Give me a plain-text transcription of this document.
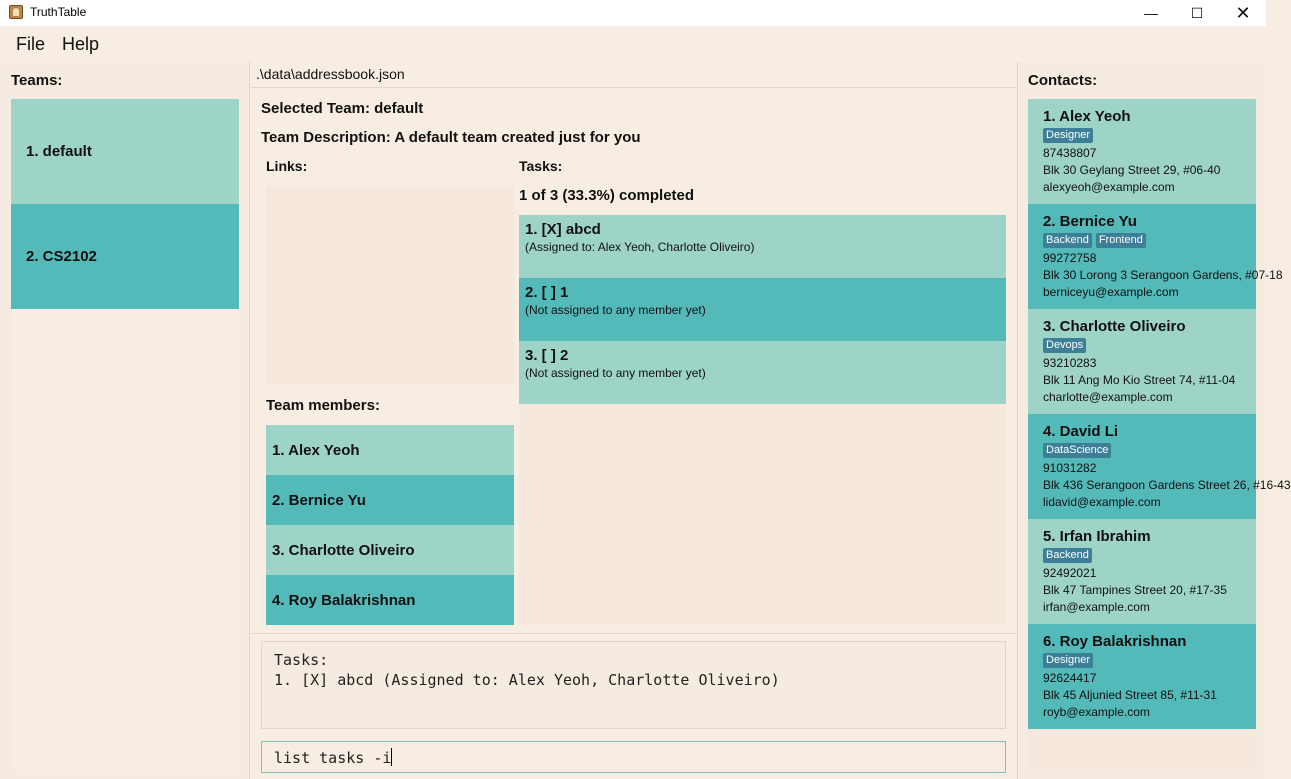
TruthTable	—	☐	✕
File Help
Teams:
1. default
2. CS2102
.\data\addressbook.json
Selected Team: default
Team Description: A default team created just for you
Links:	Tasks:
1 of 3 (33.3%) completed
Team members:
1. Alex Yeoh
2. Bernice Yu
3. Charlotte Oliveiro
4. Roy Balakrishnan
1. [X] abcd
(Assigned to: Alex Yeoh, Charlotte Oliveiro)
2. [ ] 1
(Not assigned to any member yet)
3. [ ] 2
(Not assigned to any member yet)
Tasks:
1. [X] abcd (Assigned to: Alex Yeoh, Charlotte Oliveiro)
list tasks -i
Contacts:
1. Alex Yeoh
Designer
87438807
Blk 30 Geylang Street 29, #06-40
alexyeoh@example.com
2. Bernice Yu
Backend Frontend
99272758
Blk 30 Lorong 3 Serangoon Gardens, #07-18
berniceyu@example.com
3. Charlotte Oliveiro
Devops
93210283
Blk 11 Ang Mo Kio Street 74, #11-04
charlotte@example.com
4. David Li
DataScience
91031282
Blk 436 Serangoon Gardens Street 26, #16-43
lidavid@example.com
5. Irfan Ibrahim
Backend
92492021
Blk 47 Tampines Street 20, #17-35
irfan@example.com
6. Roy Balakrishnan
Designer
92624417
Blk 45 Aljunied Street 85, #11-31
royb@example.com
